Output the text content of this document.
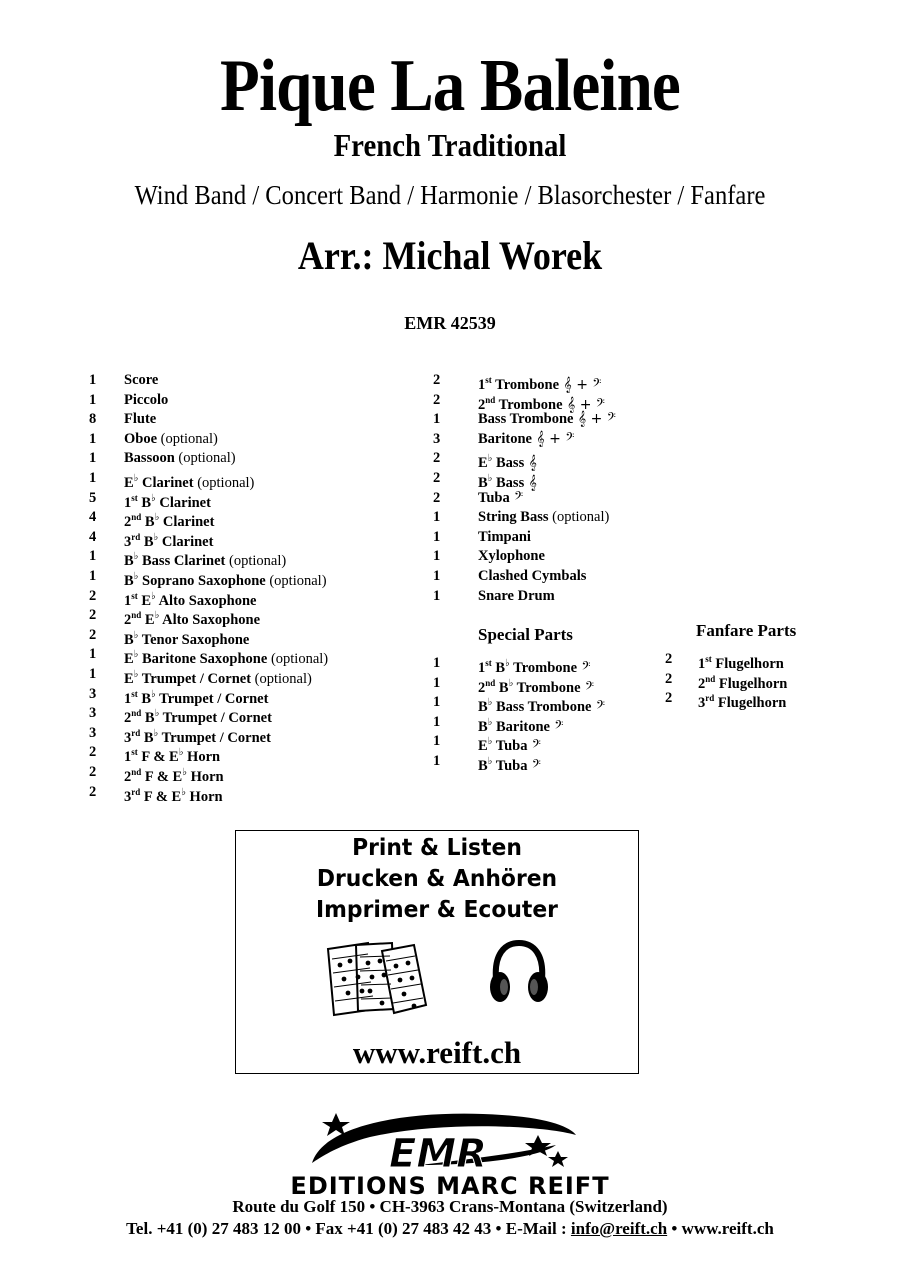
Pique La Baleine
French Traditional
Wind Band / Concert Band / Harmonie / Blasorchester / Fanfare
Arr.: Michal Worek
EMR 42539
1 Score
1 Piccolo
8 Flute
1 Oboe (optional)
1 Bassoon (optional)
1 E♭ Clarinet (optional)
5 1st B♭ Clarinet
4 2nd B♭ Clarinet
4 3rd B♭ Clarinet
1 B♭ Bass Clarinet (optional)
1 B♭ Soprano Saxophone (optional)
2 1st E♭ Alto Saxophone
2 2nd E♭ Alto Saxophone
2 B♭ Tenor Saxophone
1 E♭ Baritone Saxophone (optional)
1 E♭ Trumpet / Cornet (optional)
3 1st B♭ Trumpet / Cornet
3 2nd B♭ Trumpet / Cornet
3 3rd B♭ Trumpet / Cornet
2 1st F & E♭ Horn
2 2nd F & E♭ Horn
2 3rd F & E♭ Horn
2	1st Trombone 𝄞 + 𝄢
2	2nd Trombone 𝄞 + 𝄢
1	Bass Trombone 𝄞 + 𝄢
3	Baritone 𝄞 + 𝄢
2	E♭ Bass 𝄞
2	B♭ Bass 𝄞
2	Tuba 𝄢
1	String Bass (optional)
1	Timpani
1	Xylophone
1	Clashed Cymbals
1	Snare Drum
Special Parts
1	1st B♭ Trombone 𝄢
1	2nd B♭ Trombone 𝄢
1	B♭ Bass Trombone 𝄢
1	B♭ Baritone 𝄢
1	E♭ Tuba 𝄢
1	B♭ Tuba 𝄢
Fanfare Parts
2 1st Flugelhorn
2 2nd Flugelhorn
2 3rd Flugelhorn
Print & Listen
Drucken & Anhören
Imprimer & Ecouter
www.reift.ch
EMR
EDITIONS MARC REIFT
Route du Golf 150 • CH-3963 Crans-Montana (Switzerland)
Tel. +41 (0) 27 483 12 00 • Fax +41 (0) 27 483 42 43 • E-Mail : info@reift.ch • www.reift.ch
